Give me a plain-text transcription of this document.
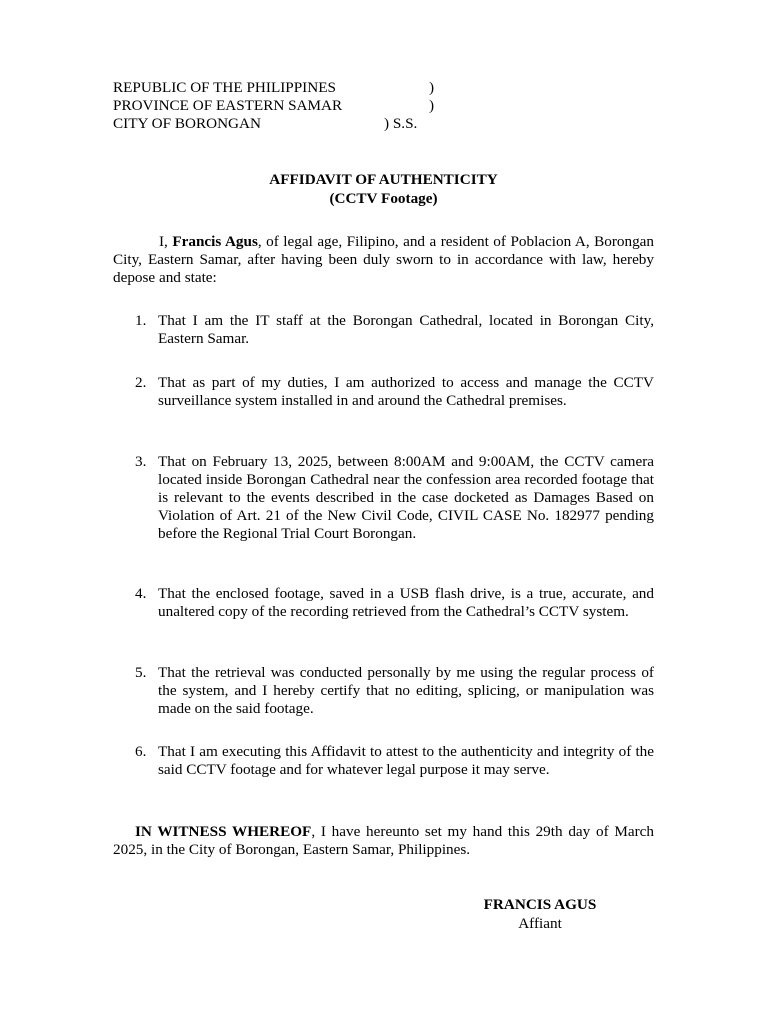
REPUBLIC OF THE PHILIPPINES	)
PROVINCE OF EASTERN SAMAR	)
CITY OF BORONGAN	) S.S.
AFFIDAVIT OF AUTHENTICITY
(CCTV Footage)

I, Francis Agus, of legal age, Filipino, and a resident of Poblacion A, Borongan City, Eastern Samar, after having been duly sworn to in accordance with law, hereby depose and state:

1. That I am the IT staff at the Borongan Cathedral, located in Borongan City, Eastern Samar.
2. That as part of my duties, I am authorized to access and manage the CCTV surveillance system installed in and around the Cathedral premises.
3. That on February 13, 2025, between 8:00AM and 9:00AM, the CCTV camera located inside Borongan Cathedral near the confession area recorded footage that is relevant to the events described in the case docketed as Damages Based on Violation of Art. 21 of the New Civil Code, CIVIL CASE No. 182977 pending before the Regional Trial Court Borongan.
4. That the enclosed footage, saved in a USB flash drive, is a true, accurate, and unaltered copy of the recording retrieved from the Cathedral’s CCTV system.
5. That the retrieval was conducted personally by me using the regular process of the system, and I hereby certify that no editing, splicing, or manipulation was made on the said footage.
6. That I am executing this Affidavit to attest to the authenticity and integrity of the said CCTV footage and for whatever legal purpose it may serve.

IN WITNESS WHEREOF, I have hereunto set my hand this 29th day of March 2025, in the City of Borongan, Eastern Samar, Philippines.

FRANCIS AGUS
Affiant
